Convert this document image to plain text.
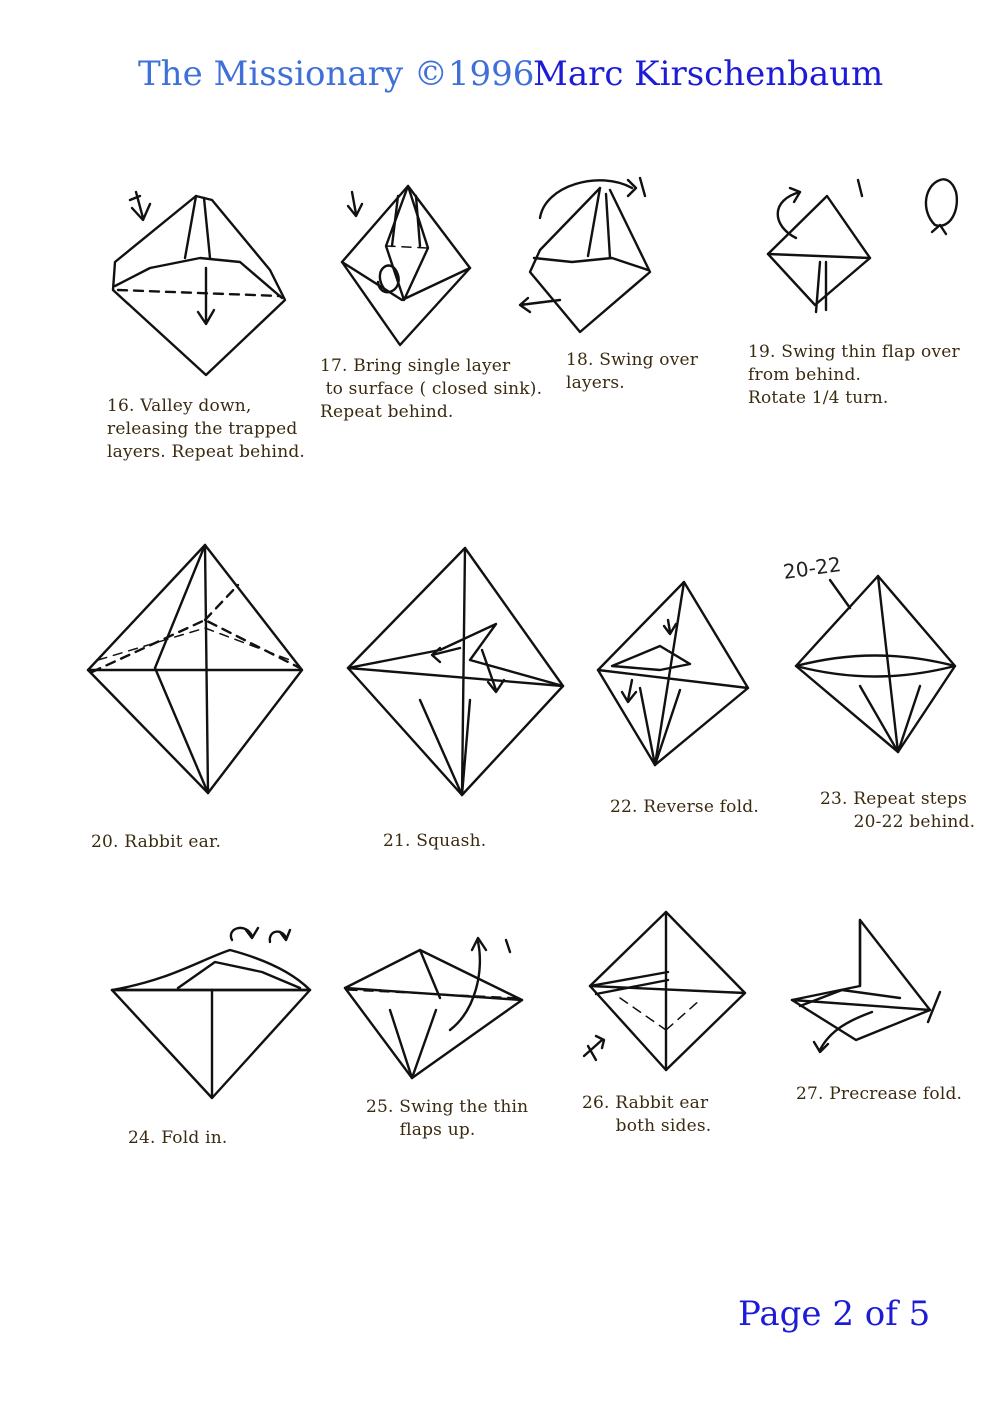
The Missionary ©1996
Marc Kirschenbaum
16. Valley down,
releasing the trapped
layers. Repeat behind.
17. Bring single layer
to surface ( closed sink).
Repeat behind.
18. Swing over
layers.
19. Swing thin flap over
from behind.
Rotate 1/4 turn.
20. Rabbit ear.	21. Squash.
22. Reverse fold.	23. Repeat steps
20-22 behind.
24. Fold in.
25. Swing the thin
flaps up.
26. Rabbit ear
both sides.
27. Precrease fold.
20-22
Page 2 of 5
